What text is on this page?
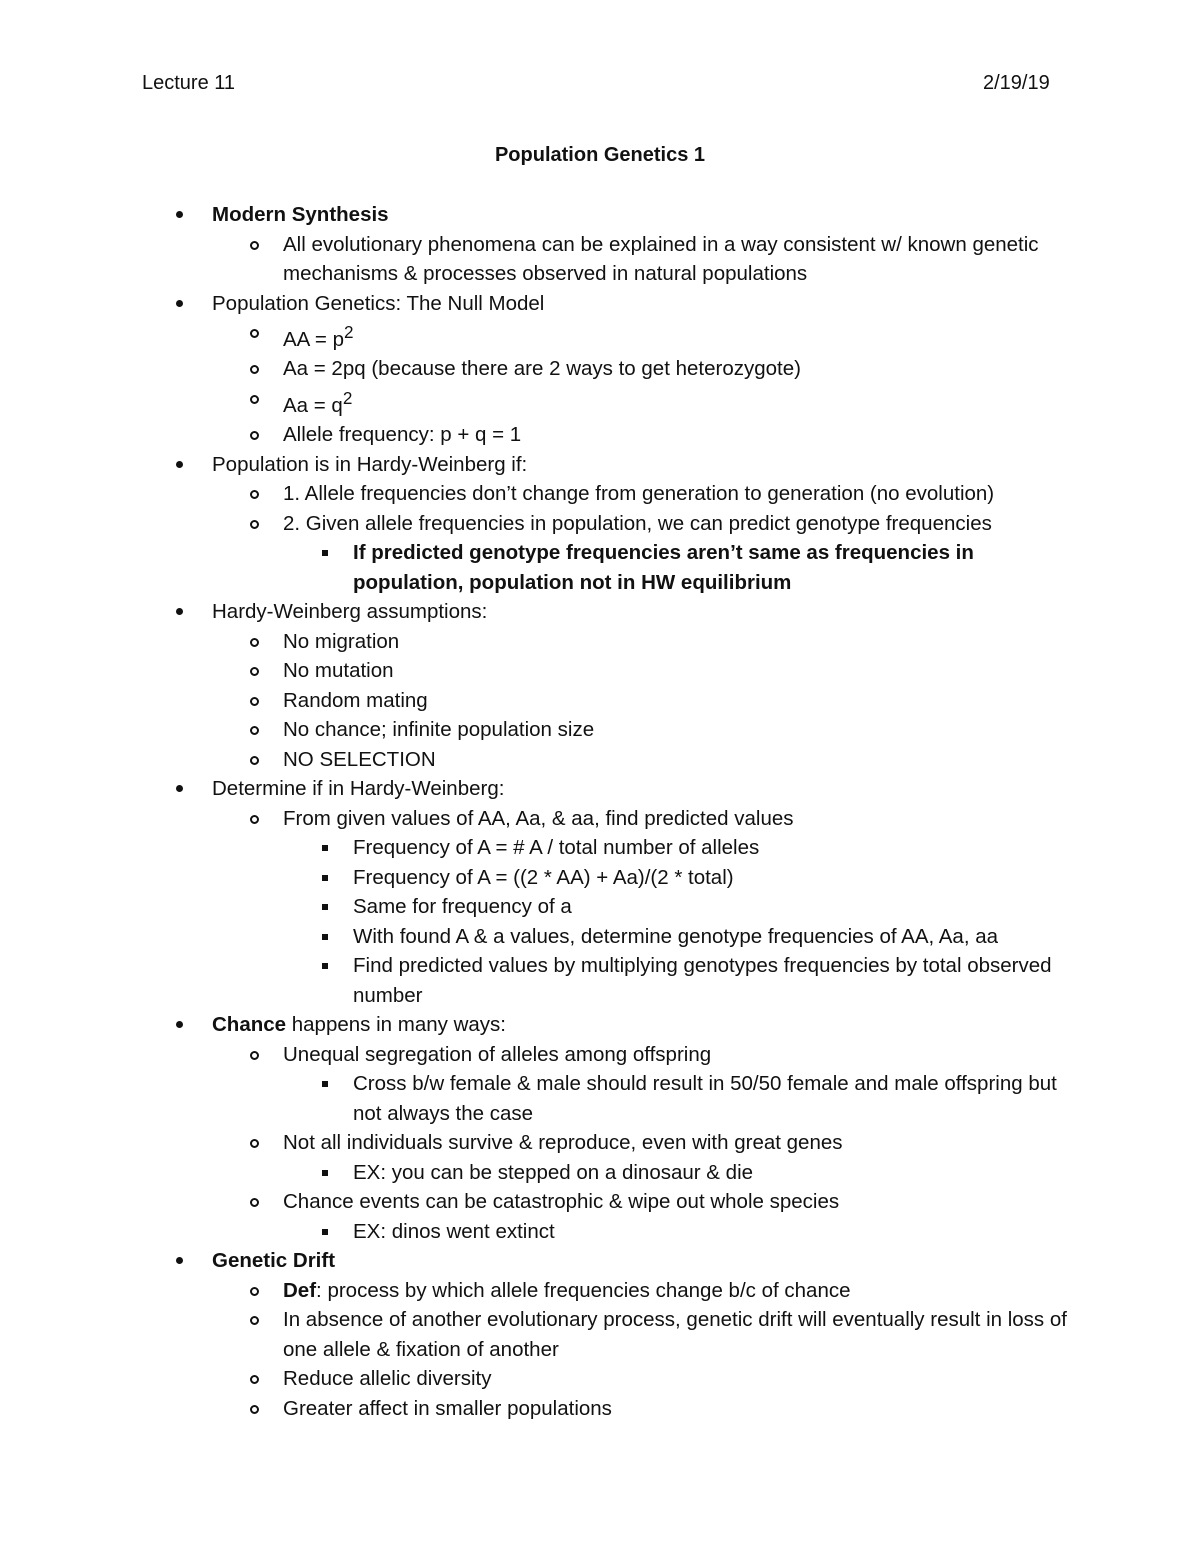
Lecture 11	2/19/19
Population Genetics 1
Modern Synthesis
All evolutionary phenomena can be explained in a way consistent w/ known genetic mechanisms & processes observed in natural populations
Population Genetics: The Null Model
AA = $p^2$
Aa = 2pq (because there are 2 ways to get heterozygote)
$Aa = q^2$
Allele frequency: p + q = 1
Population is in Hardy-Weinberg if:
1. Allele frequencies don’t change from generation to generation (no evolution)
2. Given allele frequencies in population, we can predict genotype frequencies
If predicted genotype frequencies aren’t same as frequencies in population, population not in HW equilibrium
Hardy-Weinberg assumptions:
No migration
No mutation
Random mating
No chance; infinite population size
NO SELECTION
Determine if in Hardy-Weinberg:
From given values of AA, Aa, & aa, find predicted values
Frequency of A = # A / total number of alleles
Frequency of A = ((2 * AA) + Aa)/(2 * total)
Same for frequency of a
With found A & a values, determine genotype frequencies of AA, Aa, aa
Find predicted values by multiplying genotypes frequencies by total observed number
Chance happens in many ways:
Unequal segregation of alleles among offspring
Cross b/w female & male should result in 50/50 female and male offspring but not always the case
Not all individuals survive & reproduce, even with great genes
EX: you can be stepped on a dinosaur & die
Chance events can be catastrophic & wipe out whole species
EX: dinos went extinct
Genetic Drift
Def: process by which allele frequencies change b/c of chance
In absence of another evolutionary process, genetic drift will eventually result in loss of one allele & fixation of another
Reduce allelic diversity
Greater affect in smaller populations
